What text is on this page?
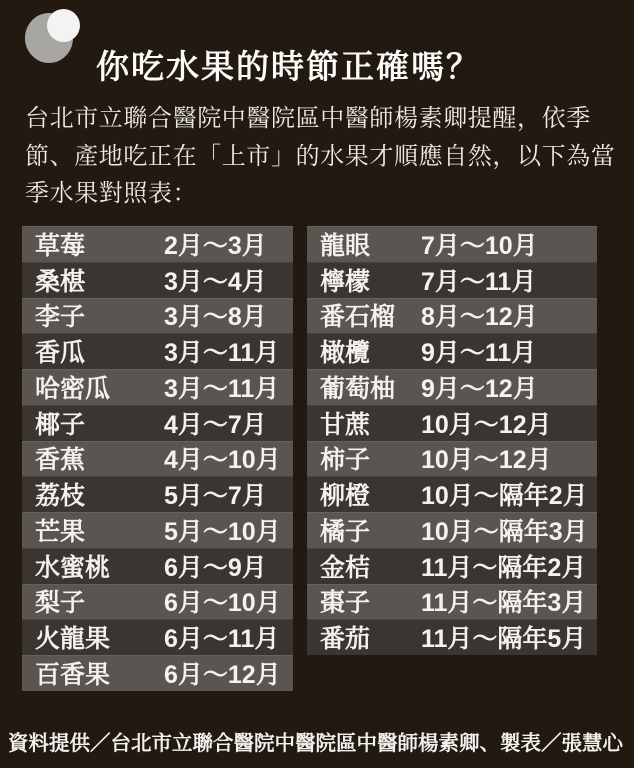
你吃水果的時節正確嗎？
台北市立聯合醫院中醫院區中醫師楊素卿提醒，依季
節、產地吃正在「上市」的水果才順應自然，以下為當
季水果對照表：
草莓	2月～3月
桑椹	3月～4月
李子	3月～8月
香瓜	3月～11月
哈密瓜	3月～11月
椰子	4月～7月
香蕉	4月～10月
荔枝	5月～7月
芒果	5月～10月
水蜜桃	6月～9月
梨子	6月～10月
火龍果	6月～11月
百香果	6月～12月
龍眼	7月～10月
檸檬	7月～11月
番石榴	8月～12月
橄欖	9月～11月
葡萄柚	9月～12月
甘蔗	10月～12月
柿子	10月～12月
柳橙	10月～隔年2月
橘子	10月～隔年3月
金桔	11月～隔年2月
棗子	11月～隔年3月
番茄	11月～隔年5月
資料提供／台北市立聯合醫院中醫院區中醫師楊素卿、製表／張慧心
